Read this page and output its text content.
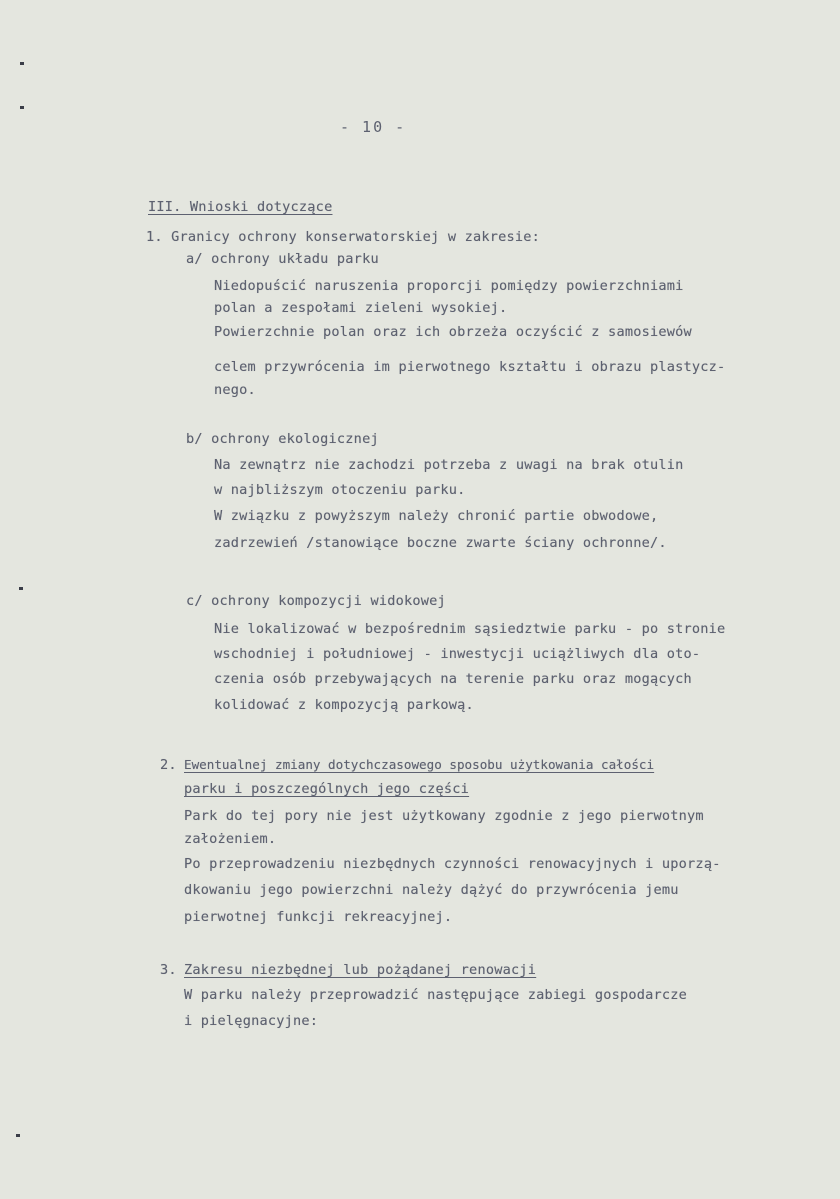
- 10 -
III. Wnioski dotyczące
1. Granicy ochrony konserwatorskiej w zakresie:
a/ ochrony układu parku
Niedopuścić naruszenia proporcji pomiędzy powierzchniami
polan a zespołami zieleni wysokiej.
Powierzchnie polan oraz ich obrzeża oczyścić z samosiewów
celem przywrócenia im pierwotnego kształtu i obrazu plastycz-
nego.
b/ ochrony ekologicznej
Na zewnątrz nie zachodzi potrzeba z uwagi na brak otulin
w najbliższym otoczeniu parku.
W związku z powyższym należy chronić partie obwodowe,
zadrzewień /stanowiące boczne zwarte ściany ochronne/.
c/ ochrony kompozycji widokowej
Nie lokalizować w bezpośrednim sąsiedztwie parku - po stronie
wschodniej i południowej - inwestycji uciążliwych dla oto-
czenia osób przebywających na terenie parku oraz mogących
kolidować z kompozycją parkową.
2. Ewentualnej zmiany dotychczasowego sposobu użytkowania całości
parku i poszczególnych jego części
Park do tej pory nie jest użytkowany zgodnie z jego pierwotnym
założeniem.
Po przeprowadzeniu niezbędnych czynności renowacyjnych i uporzą-
dkowaniu jego powierzchni należy dążyć do przywrócenia jemu
pierwotnej funkcji rekreacyjnej.
3. Zakresu niezbędnej lub pożądanej renowacji
W parku należy przeprowadzić następujące zabiegi gospodarcze
i pielęgnacyjne:
